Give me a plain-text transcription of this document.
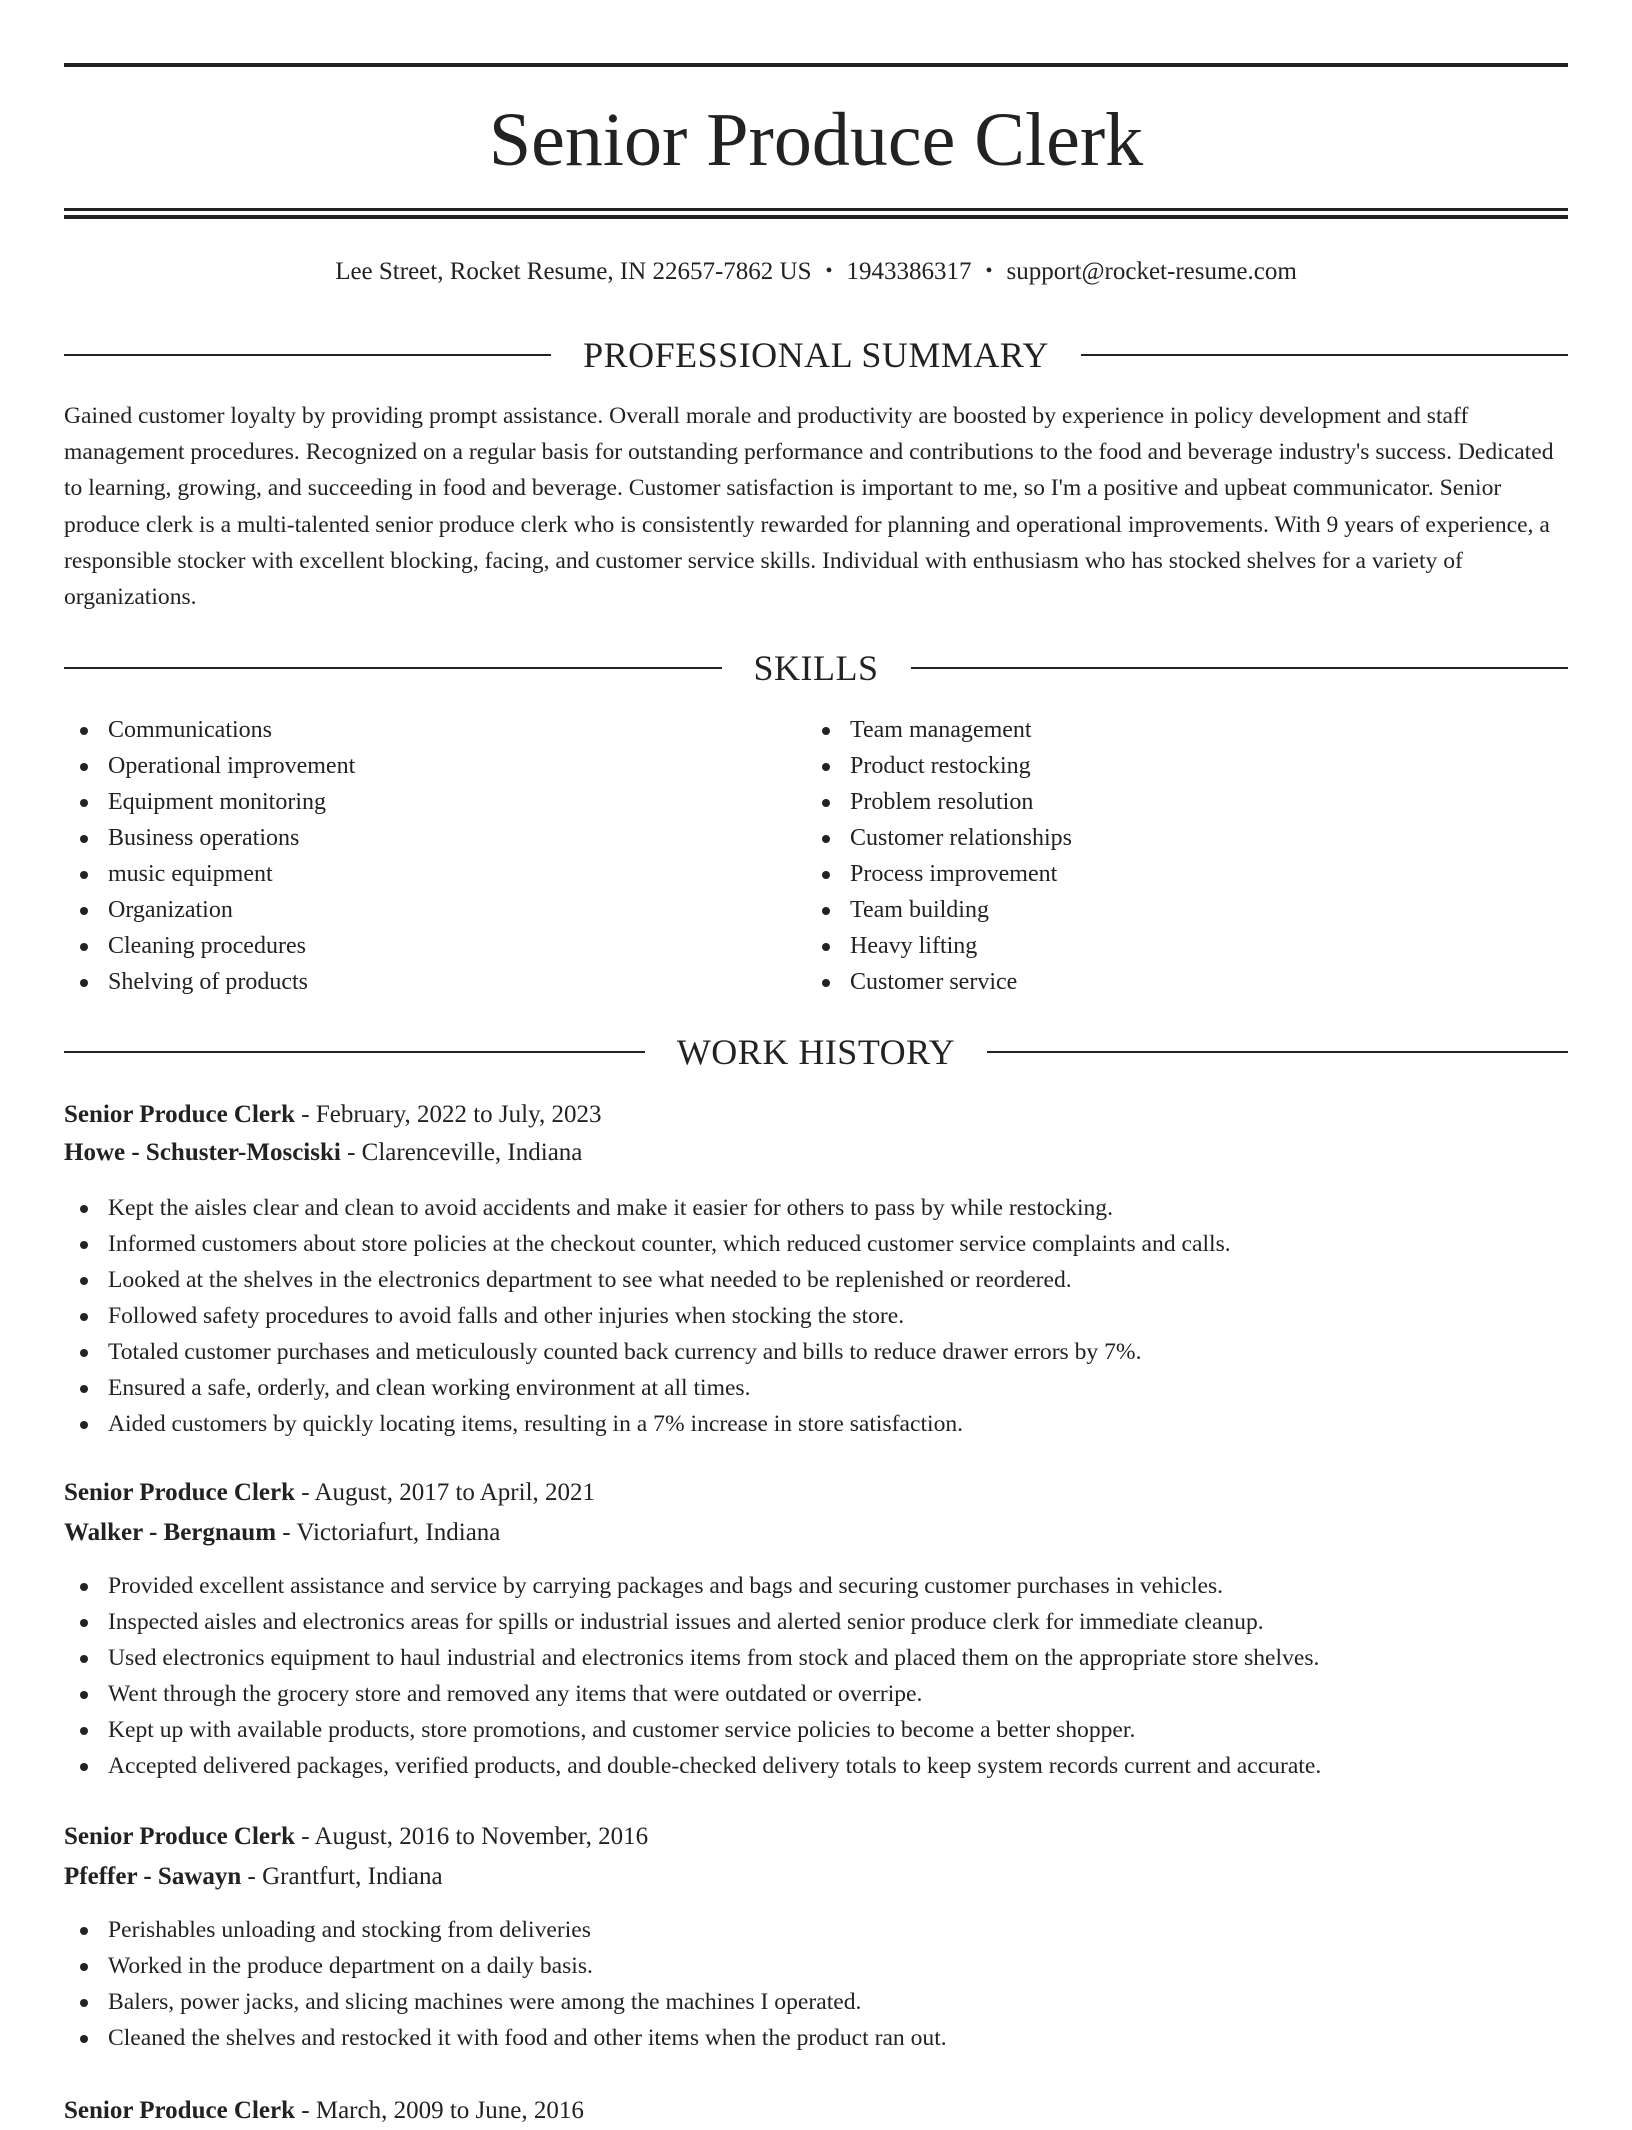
Senior Produce Clerk
Lee Street, Rocket Resume, IN 22657-7862 US • 1943386317 • support@rocket-resume.com
PROFESSIONAL SUMMARY

Gained customer loyalty by providing prompt assistance. Overall morale and productivity are boosted by experience in policy development and staff management procedures. Recognized on a regular basis for outstanding performance and contributions to the food and beverage industry's success. Dedicated to learning, growing, and succeeding in food and beverage. Customer satisfaction is important to me, so I'm a positive and upbeat communicator. Senior produce clerk is a multi-talented senior produce clerk who is consistently rewarded for planning and operational improvements. With 9 years of experience, a responsible stocker with excellent blocking, facing, and customer service skills. Individual with enthusiasm who has stocked shelves for a variety of organizations.

SKILLS
Communications
Operational improvement
Equipment monitoring
Business operations
music equipment
Organization
Cleaning procedures
Shelving of products
Team management
Product restocking
Problem resolution
Customer relationships
Process improvement
Team building
Heavy lifting
Customer service
WORK HISTORY
Senior Produce Clerk - February, 2022 to July, 2023
Howe - Schuster-Mosciski - Clarenceville, Indiana
Kept the aisles clear and clean to avoid accidents and make it easier for others to pass by while restocking.
Informed customers about store policies at the checkout counter, which reduced customer service complaints and calls.
Looked at the shelves in the electronics department to see what needed to be replenished or reordered.
Followed safety procedures to avoid falls and other injuries when stocking the store.
Totaled customer purchases and meticulously counted back currency and bills to reduce drawer errors by 7%.
Ensured a safe, orderly, and clean working environment at all times.
Aided customers by quickly locating items, resulting in a 7% increase in store satisfaction.
Senior Produce Clerk - August, 2017 to April, 2021
Walker - Bergnaum - Victoriafurt, Indiana
Provided excellent assistance and service by carrying packages and bags and securing customer purchases in vehicles.
Inspected aisles and electronics areas for spills or industrial issues and alerted senior produce clerk for immediate cleanup.
Used electronics equipment to haul industrial and electronics items from stock and placed them on the appropriate store shelves.
Went through the grocery store and removed any items that were outdated or overripe.
Kept up with available products, store promotions, and customer service policies to become a better shopper.
Accepted delivered packages, verified products, and double-checked delivery totals to keep system records current and accurate.
Senior Produce Clerk - August, 2016 to November, 2016
Pfeffer - Sawayn - Grantfurt, Indiana
Perishables unloading and stocking from deliveries
Worked in the produce department on a daily basis.
Balers, power jacks, and slicing machines were among the machines I operated.
Cleaned the shelves and restocked it with food and other items when the product ran out.
Senior Produce Clerk - March, 2009 to June, 2016
